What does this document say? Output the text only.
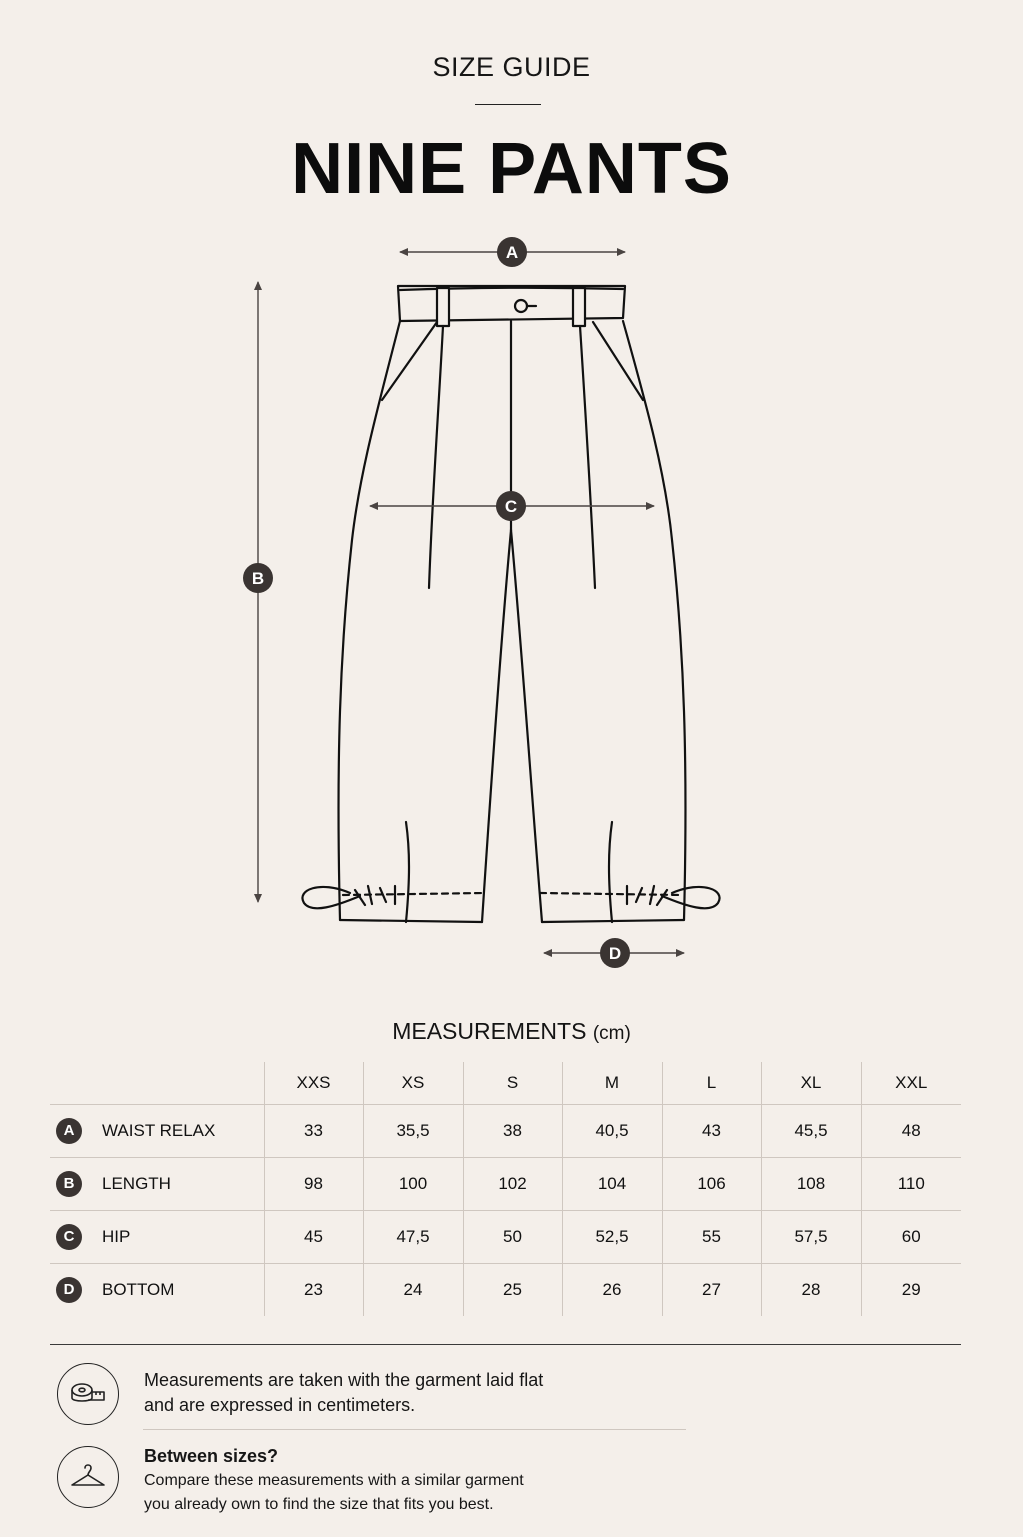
SIZE GUIDE
NINE PANTS
A
B
C
D
MEASUREMENTS (cm)
	XXS	XS	S	M	L	XL	XXL
A WAIST RELAX	33	35,5	38	40,5	43	45,5	48
B LENGTH	98	100	102	104	106	108	110
C HIP	45	47,5	50	52,5	55	57,5	60
D BOTTOM	23	24	25	26	27	28	29
Measurements are taken with the garment laid flat
and are expressed in centimeters.
Between sizes?
Compare these measurements with a similar garment
you already own to find the size that fits you best.
